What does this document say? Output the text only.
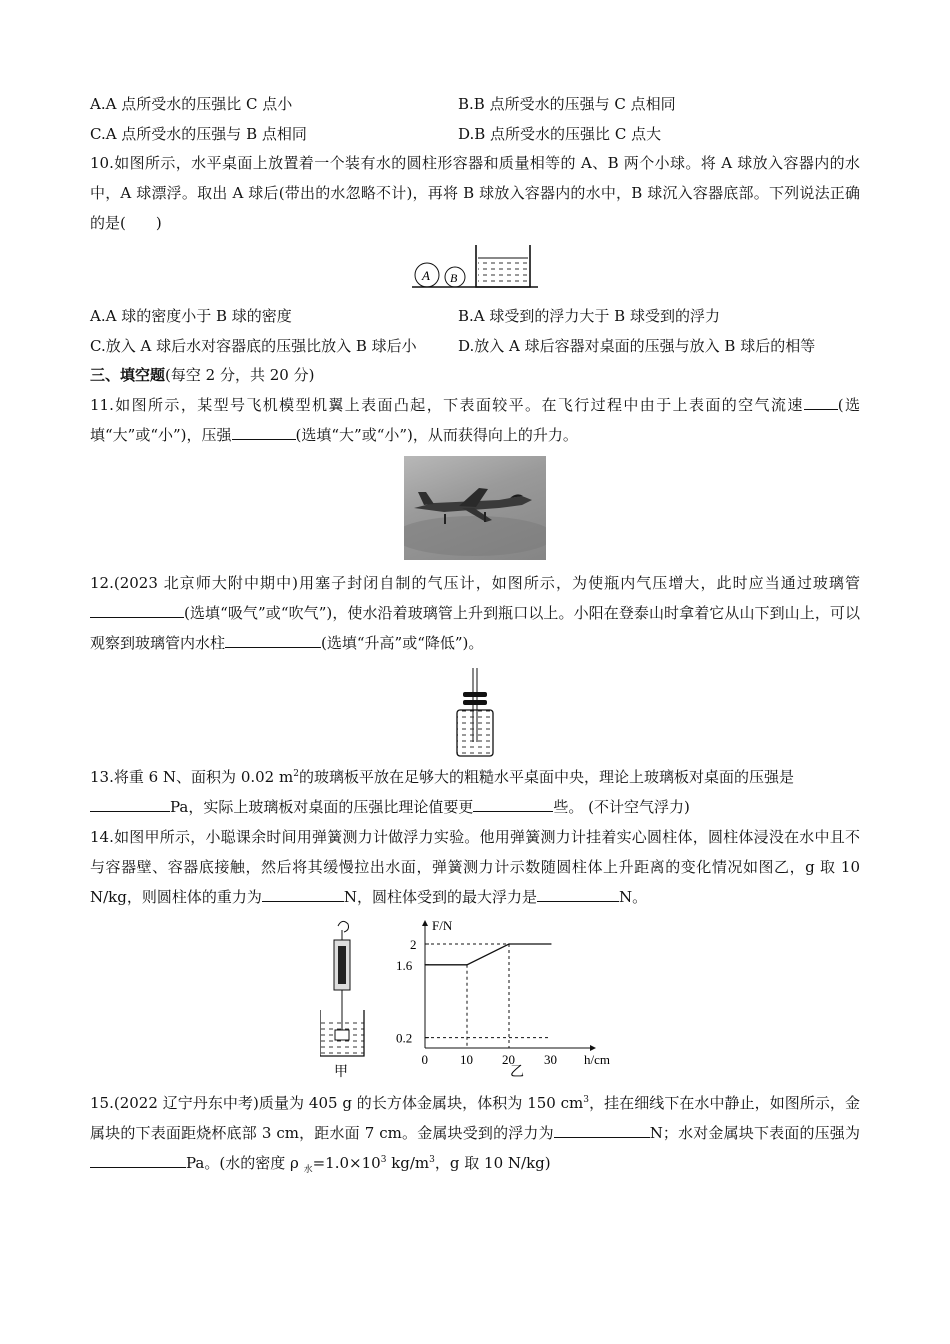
A.A 点所受水的压强比 C 点小	B.B 点所受水的压强与 C 点相同
C.A 点所受水的压强与 B 点相同	D.B 点所受水的压强比 C 点大

10.如图所示，水平桌面上放置着一个装有水的圆柱形容器和质量相等的 A、B 两个小球。将 A 球放入容器内的水中，A 球漂浮。取出 A 球后(带出的水忽略不计)，再将 B 球放入容器内的水中，B 球沉入容器底部。下列说法正确的是(　　)

A B
A.A 球的密度小于 B 球的密度	B.A 球受到的浮力大于 B 球受到的浮力
C.放入 A 球后水对容器底的压强比放入 B 球后小	D.放入 A 球后容器对桌面的压强与放入 B 球后的相等

三、填空题(每空 2 分，共 20 分)

11.如图所示，某型号飞机模型机翼上表面凸起，下表面较平。在飞行过程中由于上表面的空气流速 (选填“大”或“小”)，压强	(选填“大”或“小”)，从而获得向上的升力。

12.(2023 北京师大附中期中)用塞子封闭自制的气压计，如图所示，为使瓶内气压增大，此时应当通过玻璃管(选填“吸气”或“吹气”)，使水沿着玻璃管上升到瓶口以上。小阳在登泰山时拿着它从山下到山上，可以观察到玻璃管内水柱	(选填“升高”或“降低”)。

13.将重 6 N、面积为 0.02 $m^2$的玻璃板平放在足够大的粗糙水平桌面中央，理论上玻璃板对桌面的压强是
Pa，实际上玻璃板对桌面的压强比理论值要更	些。 (不计空气浮力)

14.如图甲所示，小聪课余时间用弹簧测力计做浮力实验。他用弹簧测力计挂着实心圆柱体，圆柱体浸没在水中且不与容器壁、容器底接触，然后将其缓慢拉出水面，弹簧测力计示数随圆柱体上升距离的变化情况如图乙，g 取 10 N/kg，则圆柱体的重力为	N，圆柱体受到的最大浮力是	N。

甲
F/N
h/cm
0 10 20 30
0.2
1.6
2
乙

15.(2022 辽宁丹东中考)质量为 405 g 的长方体金属块，体积为 150 $cm^3$，挂在细线下在水中静止，如图所示，金属块的下表面距烧杯底部 3 cm，距水面 7 cm。金属块受到的浮力为	N；水对金属块下表面的压强为Pa。(水的密度 ρ $_水=1.0\times 10^3$ $kg/m^3$，g 取 10 N/kg)
